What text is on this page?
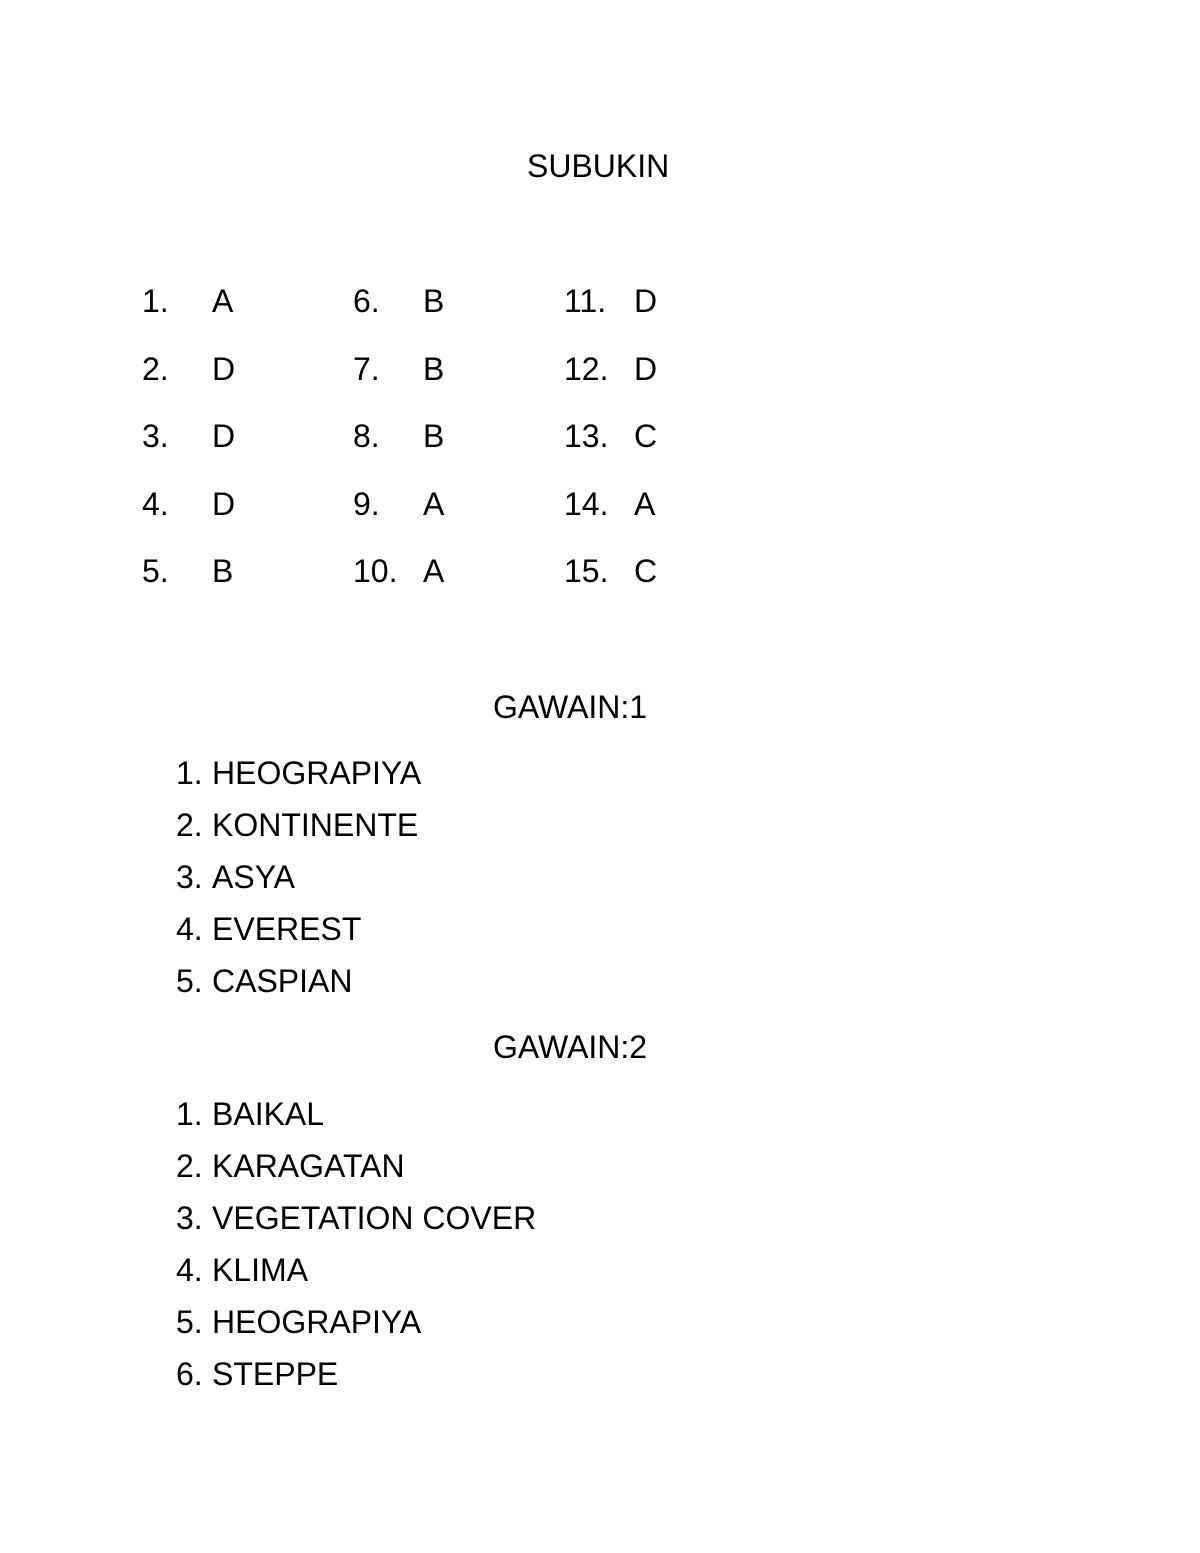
SUBUKIN
1. A
2. D
3. D
4. D
5. B
6. B
7. B
8. B
9. A
10. A
11. D
12. D
13. C
14. A
15. C
GAWAIN:1
1. HEOGRAPIYA
2. KONTINENTE
3. ASYA
4. EVEREST
5. CASPIAN
GAWAIN:2
1. BAIKAL
2. KARAGATAN
3. VEGETATION COVER
4. KLIMA
5. HEOGRAPIYA
6. STEPPE
